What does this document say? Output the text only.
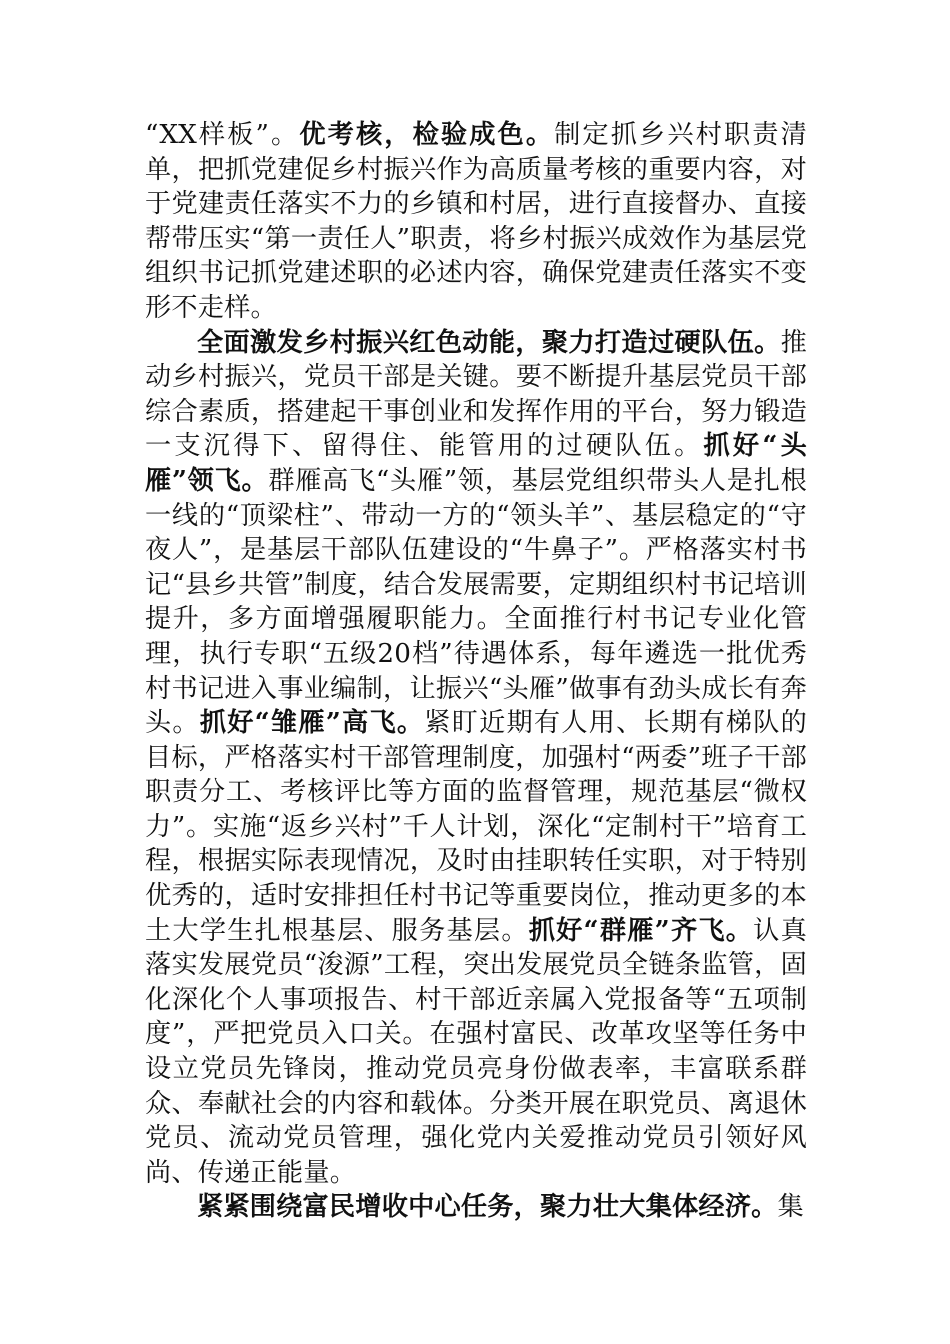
“XX样板”。优考核，检验成色。制定抓乡兴村职责清单，把抓党建促乡村振兴作为高质量考核的重要内容，对于党建责任落实不力的乡镇和村居，进行直接督办、直接帮带压实“第一责任人”职责，将乡村振兴成效作为基层党组织书记抓党建述职的必述内容，确保党建责任落实不变形不走样。

全面激发乡村振兴红色动能，聚力打造过硬队伍。推动乡村振兴，党员干部是关键。要不断提升基层党员干部综合素质，搭建起干事创业和发挥作用的平台，努力锻造一支沉得下、留得住、能管用的过硬队伍。抓好“头雁”领飞。群雁高飞“头雁”领，基层党组织带头人是扎根一线的“顶梁柱”、带动一方的“领头羊”、基层稳定的“守夜人”，是基层干部队伍建设的“牛鼻子”。严格落实村书记“县乡共管”制度，结合发展需要，定期组织村书记培训提升，多方面增强履职能力。全面推行村书记专业化管理，执行专职“五级20档”待遇体系，每年遴选一批优秀村书记进入事业编制，让振兴“头雁”做事有劲头成长有奔头。抓好“雏雁”高飞。紧盯近期有人用、长期有梯队的目标，严格落实村干部管理制度，加强村“两委”班子干部职责分工、考核评比等方面的监督管理，规范基层“微权力”。实施“返乡兴村”千人计划，深化“定制村干”培育工程，根据实际表现情况，及时由挂职转任实职，对于特别优秀的，适时安排担任村书记等重要岗位，推动更多的本土大学生扎根基层、服务基层。抓好“群雁”齐飞。认真落实发展党员“浚源”工程，突出发展党员全链条监管，固化深化个人事项报告、村干部近亲属入党报备等“五项制度”，严把党员入口关。在强村富民、改革攻坚等任务中设立党员先锋岗，推动党员亮身份做表率，丰富联系群众、奉献社会的内容和载体。分类开展在职党员、离退休党员、流动党员管理，强化党内关爱推动党员引领好风尚、传递正能量。

紧紧围绕富民增收中心任务，聚力壮大集体经济。集
